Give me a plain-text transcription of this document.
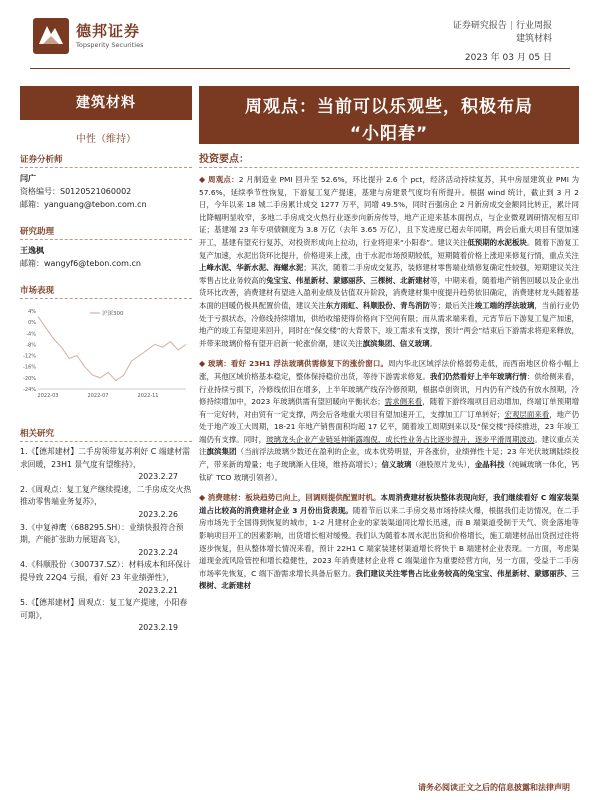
德邦证券
Topsperity Securities
证券研究报告 | 行业周报
建筑材料
2023 年 03 月 05 日
建筑材料
中性（维持）
证券分析师
闫广
资格编号：S0120521060002
邮箱：yanguang@tebon.com.cn
研究助理
王逸枫
邮箱：wangyf6@tebon.com.cn
市场表现
4%
0%
-4%
-8%
-12%
-16%
-20%
-24%
2022-03	2022-07	2022-11
沪深300
相关研究
1.《【德邦建材】二手房领带复苏利好 C 端建材需求回暖，23H1 景气度有望维持》，
2023.2.27
2.《周观点：复工复产继续提速，二手房成交火热推动零售端业务复苏》，
2023.2.26
3.《中复神鹰（688295.SH）：业绩快报符合预期，产能扩张助力展翅高飞》，
2023.2.24
4.《科顺股份（300737.SZ）：材料成本和环保计提导致 22Q4 亏损，看好 23 年业绩弹性》，
2023.2.21
5.《【德邦建材】周观点：复工复产提速，小阳春可期》，
2023.2.19
周观点：当前可以乐观些，积极布局
“小阳春”
投资要点：

◆ 周观点：2 月制造业 PMI 回升至 52.6%，环比提升 2.6 个 pct，经济活动持续复苏，其中房屋建筑业 PMI 为 57.6%，延续季节性恢复，下游复工复产提速，基建与房建景气度均有所提升。根据 wind 统计，截止到 3 月 2 日，今年以来 18 城二手房累计成交 1277 万平，同增 49.5%，同时百强房企 2 月新房成交金额同比转正，累计同比降幅明显收窄，多地二手房成交火热行业逐步向新房传导，地产正迎来基本面拐点，与企业微观调研情况相互印证；基建端 23 年专项债额度为 3.8 万亿（去年 3.65 万亿），且下发进度已超去年同期，两会后重大项目有望加速开工，基建有望充行复苏，对投资形成向上拉动，行业将迎来“小阳春”。建议关注低预期的水泥板块。随着下游复工复产加速，水泥出货环比提升，价格迎来上涨，由于水泥市场预期较低，短期随着价格上涨迎来修复行情，重点关注上峰水泥、华新水泥、海螺水泥；其次，随着二手房成交复苏，装修建材零售端业绩修复确定性较强，短期建议关注零售占比业务较高的兔宝宝、伟星新材、蒙娜丽莎、三棵树、北新建材等，中期来看，随着地产销售回暖以及企业出货环比改善，消费建材有望进入盈利业绩及估值双升阶段，消费建材集中度提升趋势依旧确定，消费建材龙头随着基本面的回暖仍极具配置价值，建议关注东方雨虹、科顺股份、青鸟消防等；最后关注竣工端的浮法玻璃，当前行业仍处于亏损状态，冷修线持续增加，供给收缩使得价格向下空间有限；而从需求端来看，元宵节后下游复工复产加速，地产的竣工有望迎来回升，同时在“保交楼”的大背景下，竣工需求有支撑，预计“两会”结束后下游需求将迎来释放，并带来玻璃价格有望开启新一轮涨价潮，建议关注旗滨集团、信义玻璃。

◆ 玻璃：看好 23H1 浮法玻璃供需修复下的涨价窗口。周内华北区域浮法价格弱势走低，而西南地区价格小幅上涨，其他区域价格基本稳定，整体保持稳价出货，等待下游需求修复。我们仍然看好上半年玻璃行情：供给侧来看，行业持续亏损下，冷修线依旧在增多，上半年玻璃产线存冷修预期，根据卓创资讯，月内仍有产线仍有放水预期，冷修持续增加中，2023 年玻璃供需有望回暖向平衡状态；需求侧来看，随着下游终端项目启动增加，终端订单预期增有一定好转，对由贸有一定支撑，两会后各地重大项目有望加速开工，支撑加工厂订单转好；宏观层面来看，地产仍处于地产竣工大周期，18-21 年地产销售面积均超 17 亿平，随着竣工周期到来以及“保交楼”持续推进，23 年竣工端仍有支撑。同时，玻璃龙头企业产业链延伸渐露端倪，成长性业务占比逐步提升，逐步平滑周期波动。建议重点关注旗滨集团（当前浮法玻璃少数还在盈利的企业，成本优势明显，开各涨价，业绩弹性十足；23 年光伏玻璃陆续投产，带来新的增量；电子玻璃渐入佳境，维持高增长）；信义玻璃（港股原片龙头），金晶科技（纯碱玻璃一体化，钙钛矿 TCO 玻璃引领者）。

◆ 消费建材：板块趋势已向上，回调则提供配置时机。本周消费建材板块整体表现向好，我们继续看好 C 端家装渠道占比较高的消费建材企业 3 月份出货表现。随着节后以来二手房交易市场持续火爆，根据我们走访情况，在二手房市场先于全国得到恢复的城市，1-2 月建材企业的家装渠道同比增长迅速，而 B 端渠道受制于天气、资金落地等影响项目开工的因素影响，出货增长相对缓慢。我们认为随着本周水泥出货和价格增长，施工端建材品出货拐过往将逐步恢复，但从整体增长情况来看，预计 22H1 C 端家装建材渠道增长将快于 B 端建材企业表现。一方面，考虑渠道现金流风险管控和增长稳健性，2023 年消费建材企业将 C 端渠道作为重要经营方向，另一方面，受益于二手房市场率先恢复，C 端下游需求增长具备后驱力。我们建议关注零售占比业务较高的兔宝宝、伟星新材、蒙娜丽莎、三棵树、北新建材

请务必阅读正文之后的信息披露和法律声明
